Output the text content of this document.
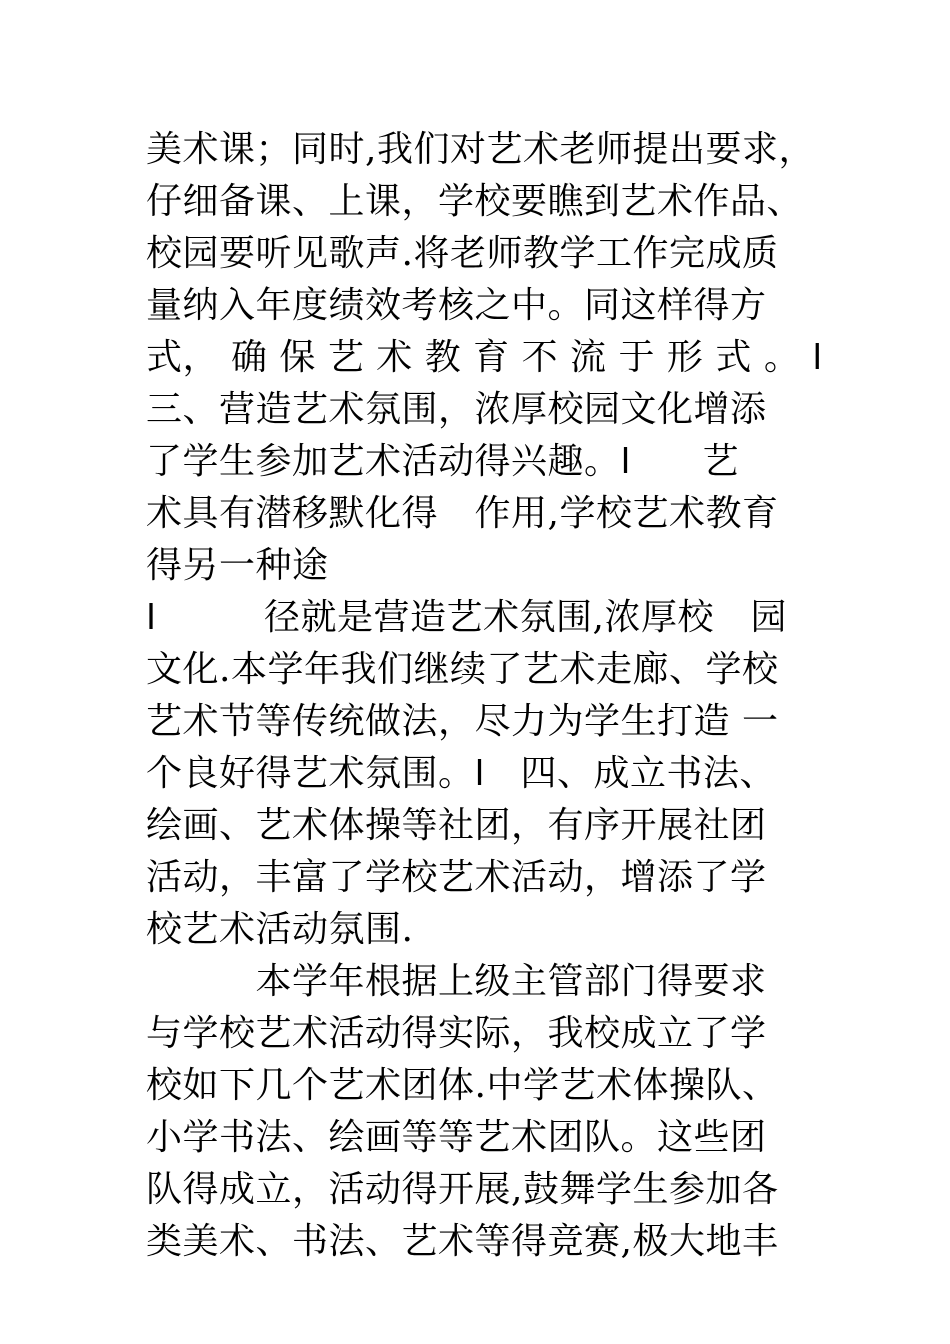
美术课；同时,我们对艺术老师提出要求，
仔细备课、上课，学校要瞧到艺术作品、
校园要听见歌声.将老师教学工作完成质
量纳入年度绩效考核之中。同这样得方
式， 确 保 艺 术 教 育 不 流 于 形 式 。 ߊ
三、营造艺术氛围，浓厚校园文化增添
了学生参加艺术活动得兴趣。ߊ　　艺
术具有潜移默化得　作用,学校艺术教育
得另一种途
ߊ　　　径就是营造艺术氛围,浓厚校　园
文化.本学年我们继续了艺术走廊、学校
艺术节等传统做法，尽力为学生打造 一
个良好得艺术氛围。ߊ　四、成立书法、
绘画、艺术体操等社团，有序开展社团
活动，丰富了学校艺术活动，增添了学
校艺术活动氛围.
　　　本学年根据上级主管部门得要求
与学校艺术活动得实际，我校成立了学
校如下几个艺术团体.中学艺术体操队、
小学书法、绘画等等艺术团队。这些团
队得成立，活动得开展,鼓舞学生参加各
类美术、书法、艺术等得竞赛,极大地丰
